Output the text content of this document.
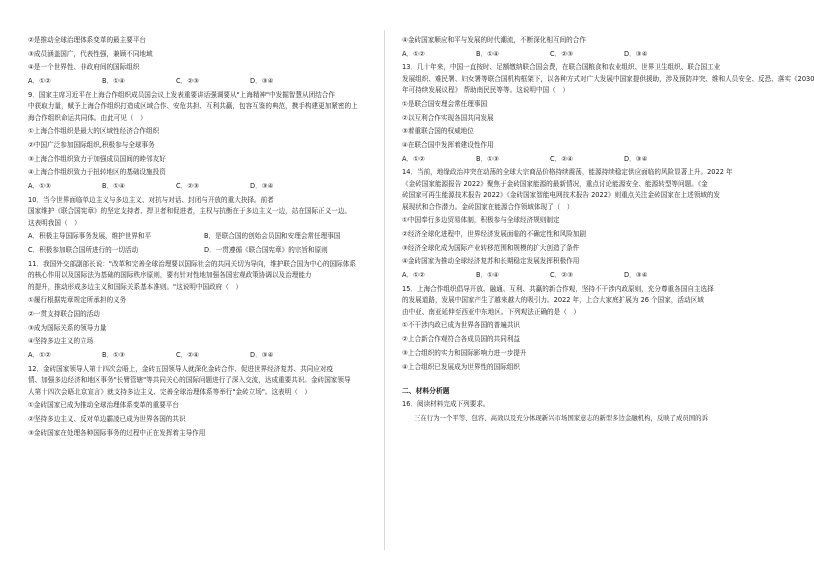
②是推动全球治理体系变革的最主要平台
③成员涵盖国广，代表性强，兼顾不同地域
④是一个世界性、非政府间的国际组织
A．①②	B．①④	C．②③	D．③④
9．国家主席习近平在上海合作组织成员国会议上发表重要讲话强调要从"上海精神"中发掘智慧从团结合作
中获取力量，赋予上海合作组织打造成区域合作、安危共担、互利共赢，包容互鉴的典范，携手构建更加紧密的上
海合作组织命运共同体。由此可见（　）
①上海合作组织是最大的区域性经济合作组织
②中国广泛参加国际组织,积极参与全球事务
③上海合作组织致力于加强成员国间的睦邻友好
④上海合作组织致力于扭转地区的基础设施投资
A．①③	B．①④	C．②③	D．③④
10．当今世界面临单边主义与多边主义、对抗与对话、封闭与开放的重大抉择。前者
国家维护《联合国宪章》的坚定支持者、捍卫者和促进者，主权与抗衡在于多边主义一边，站在国际正义一边。
这表明我国（　）
A．积极主导国际事务发展，维护世界和平	B．是联合国的创始会员国和安理会常任理事国
C．积极参加联合国所进行的一切活动	D．一贯遵循《联合国宪章》的宗旨和原则
11．我国外交部副部长说："改革和完善全球治理要以国际社会的共同关切为导向，维护联合国为中心的国际体系
的核心作用以及国际法为基础的国际秩序原则，要有针对性地加强各国宏观政策协调以及治理能力
的提升，推动形成多边主义和国际关系基本准则。"这说明中国政府（　）
①履行根据宪章规定所承担的义务
②一贯支持联合国的活动
③成为国际关系的领导力量
④坚持多边主义的立场
A．①②	B．①③	C．②④	D．③④
12．金砖国家领导人第十四次会晤上，金砖五国领导人就深化金砖合作、促进世界经济复苏、共同应对疫
情、加强多边经济和地区事务"长臂管辖"等共同关心的国际问题进行了深入交流，达成重要共识。金砖国家领导
人第十四次会晤北京宣言》就支持多边主义、完善全球治理体系等举行"金砖立场"。这表明（　）
①金砖国家已成为推动全球治理体系变革的重要平台
②坚持多边主义、反对单边霸凌已成为世界各国的共识
③金砖国家在处理各种国际事务的过程中正在发挥着主导作用
④金砖国家顺应和平与发展的时代潮流，不断深化相互间的合作
A．①②	B．①④	C．②③	D．③④
13．几十年来，中国一直按时、足额缴纳联合国会费，在联合国粮食和农业组织、世界卫生组织、联合国工业
发展组织、难民署、妇女署等联合国机构框架下，以各种方式对广大发展中国家提供援助，涉及预防冲突、维和人员安全、反恐、落实《2030
年可持续发展议程》 帮助南民民等等。这说明中国（　）
①是联合国安理会常任理事国
②以互利合作实现各国共同发展
③着重联合国的权威地位
④在联合国中发挥着建设性作用
A．①②	B．①③	C．②④	D．③④
14．当前，地缘政治冲突在动荡的全球大宗商品价格持续震荡，能源持续稳定供应面临的风险显著上升。2022 年
《金砖国家能源报告 2022》聚焦于金砖国家能源的最新情况，重点讨论能源安全、能源转型等问题。《金
砖国家可再生能源技术报告 2022》《金砖国家智能电网技术报告 2022》则重点关注金砖国家在上述领域的发
展现状和合作潜力。金砖国家在能源合作领域体现了（　）
①中国奉行多边贸易体制，积极参与全球经济规则制定
②经济全球化进程中，世界经济发展面临的不确定性和风险加剧
③经济全球化成为国际产业转移范围和规模的扩大创造了条件
④金砖国家为推动全球经济复苏和长期稳定发展发挥积极作用
A．①②	B．①④	C．②③	D．③④
15．上海合作组织倡导开放、融通、互利、共赢的新合作观，坚持不干涉内政原则，充分尊重各国自主选择
的发展道路，发展中国家产生了越来越大的吸引力。2022 年，上合大家庭扩展为 26 个国家，活动区域
由中亚、南亚延伸至西亚中东地区。下列观法正确的是（　）
①不干涉内政已成为世界各国的普遍共识
②上合新合作观符合各成员国的共同利益
③上合组织的实力和国际影响力进一步提升
④上合组织已发展成为世界性的国际组织
二、材料分析题
16．阅读材料完成下列要求。
三在行为一个平等、包容、高效以及充分体现新兴市场国家意志的新型多边金融机构，反映了成员国的诉
